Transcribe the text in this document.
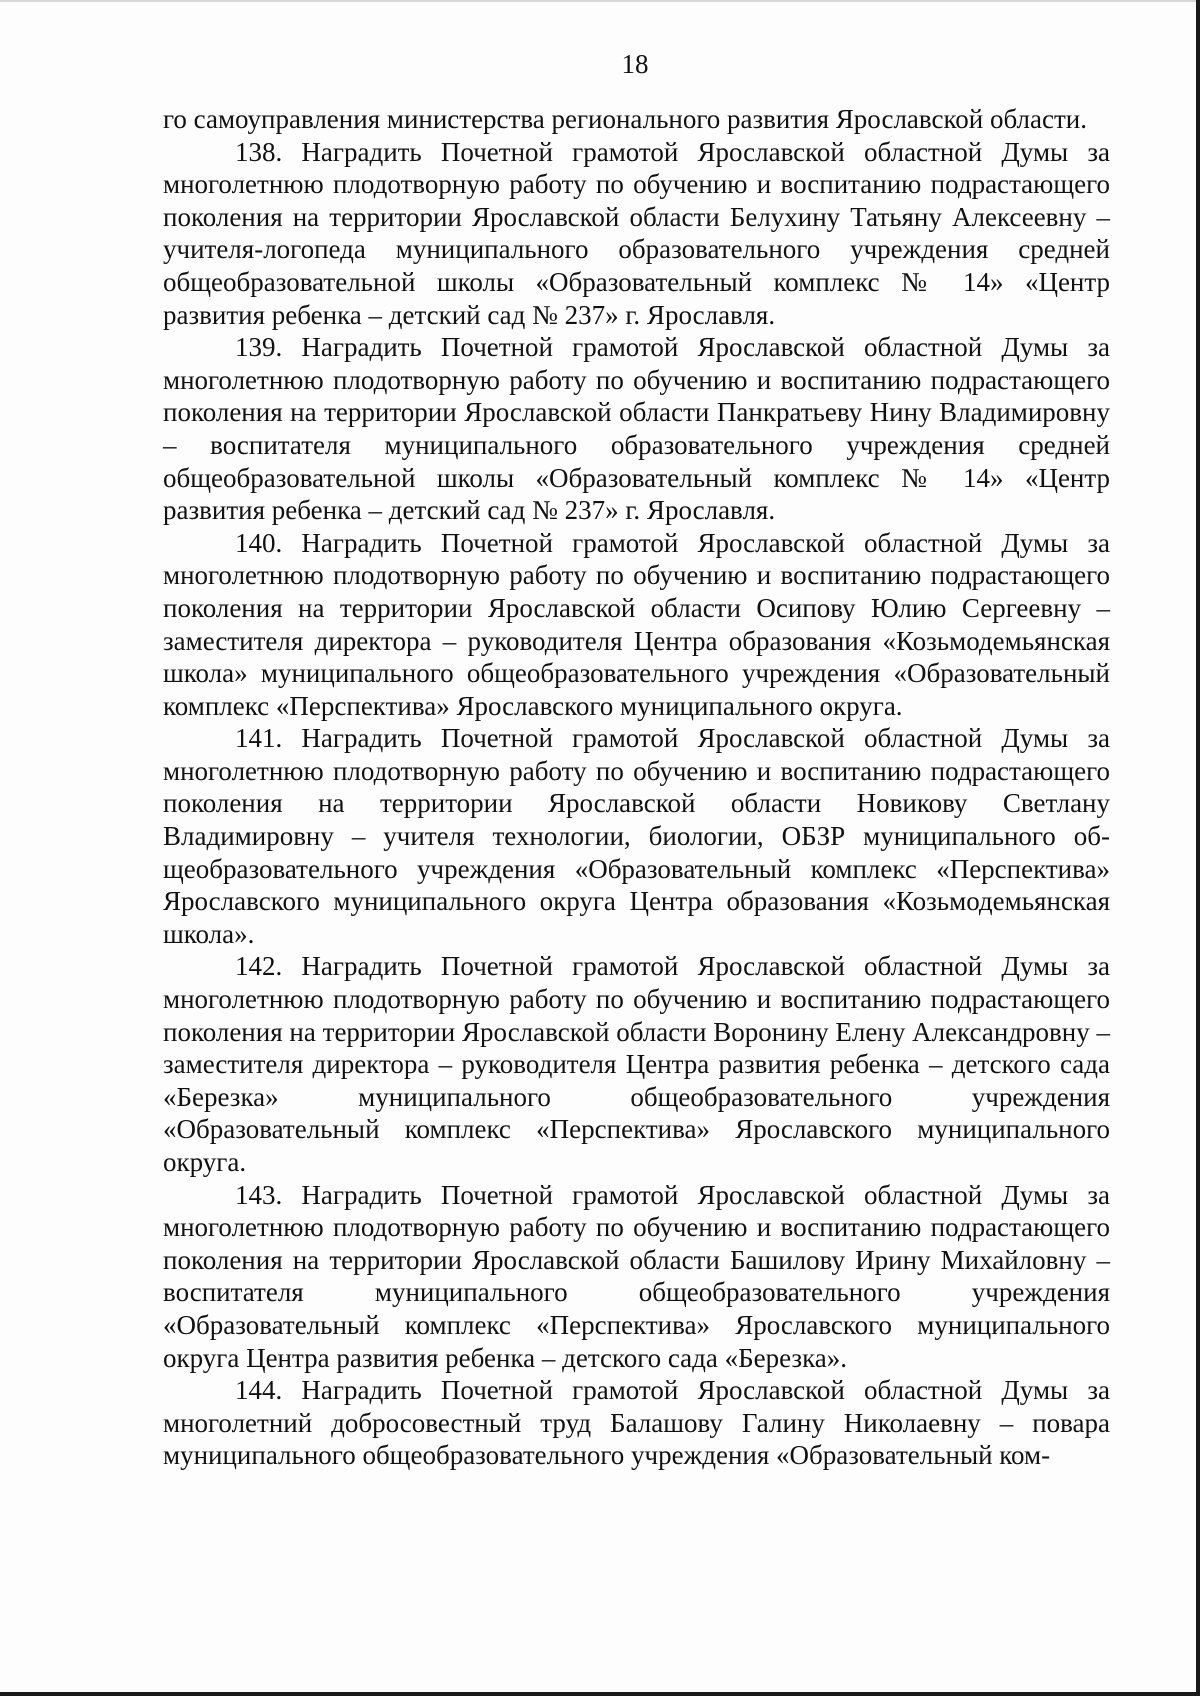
18

го самоуправления министерства регионального развития Ярославской области.

138. Наградить Почетной грамотой Ярославской областной Думы за многолетнюю плодотворную работу по обучению и воспитанию подрастающего поколения на территории Ярославской области Белухину Татьяну Алексеевну – учителя-логопеда муниципального образовательного учреждения средней общеобразовательной школы «Образовательный комплекс № 14» «Центр развития ребенка – детский сад № 237» г. Ярославля.

139. Наградить Почетной грамотой Ярославской областной Думы за многолетнюю плодотворную работу по обучению и воспитанию подрастающего поколения на территории Ярославской области Панкратьеву Нину Владимировну – воспитателя муниципального образовательного учреждения средней общеобразовательной школы «Образовательный комплекс № 14» «Центр развития ребенка – детский сад № 237» г. Ярославля.

140. Наградить Почетной грамотой Ярославской областной Думы за многолетнюю плодотворную работу по обучению и воспитанию подрастающего поколения на территории Ярославской области Осипову Юлию Сергеевну – заместителя директора – руководителя Центра образования «Козьмодемьянская школа» муниципального общеобразовательного учреждения «Образовательный комплекс «Перспектива» Ярославского муниципального округа.

141. Наградить Почетной грамотой Ярославской областной Думы за многолетнюю плодотворную работу по обучению и воспитанию подрастающего поколения на территории Ярославской области Новикову Светлану Владимировну – учителя технологии, биологии, ОБЗР муниципального общеобразовательного учреждения «Образовательный комплекс «Перспектива» Ярославского муниципального округа Центра образования «Козьмодемьянская школа».

142. Наградить Почетной грамотой Ярославской областной Думы за многолетнюю плодотворную работу по обучению и воспитанию подрастающего поколения на территории Ярославской области Воронину Елену Александровну – заместителя директора – руководителя Центра развития ребенка – детского сада «Березка» муниципального общеобразовательного учреждения «Образовательный комплекс «Перспектива» Ярославского муниципального округа.

143. Наградить Почетной грамотой Ярославской областной Думы за многолетнюю плодотворную работу по обучению и воспитанию подрастающего поколения на территории Ярославской области Башилову Ирину Михайловну – воспитателя муниципального общеобразовательного учреждения «Образовательный комплекс «Перспектива» Ярославского муниципального округа Центра развития ребенка – детского сада «Березка».

144. Наградить Почетной грамотой Ярославской областной Думы за многолетний добросовестный труд Балашову Галину Николаевну – повара муниципального общеобразовательного учреждения «Образовательный ком-
